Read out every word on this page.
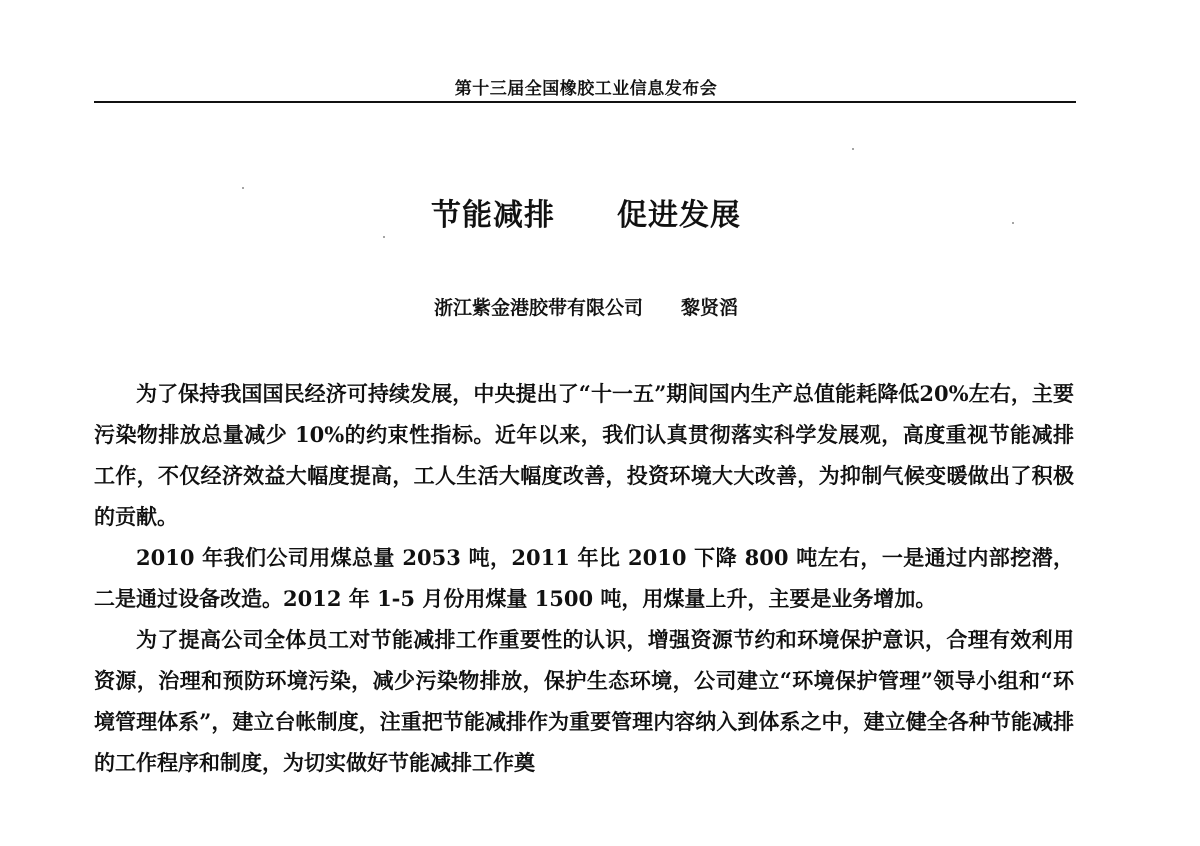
第十三届全国橡胶工业信息发布会
节能减排　　促进发展
浙江紫金港胶带有限公司　　黎贤滔

为了保持我国国民经济可持续发展，中央提出了“十一五”期间国内生产总值能耗降低20%左右，主要污染物排放总量减少 10%的约束性指标。近年以来，我们认真贯彻落实科学发展观，高度重视节能减排工作，不仅经济效益大幅度提高，工人生活大幅度改善，投资环境大大改善，为抑制气候变暖做出了积极的贡献。

2010 年我们公司用煤总量 2053 吨，2011 年比 2010 下降 800 吨左右，一是通过内部挖潜，二是通过设备改造。2012 年 1-5 月份用煤量 1500 吨，用煤量上升，主要是业务增加。

为了提高公司全体员工对节能减排工作重要性的认识，增强资源节约和环境保护意识，合理有效利用资源，治理和预防环境污染，减少污染物排放，保护生态环境，公司建立“环境保护管理”领导小组和“环境管理体系”，建立台帐制度，注重把节能减排作为重要管理内容纳入到体系之中，建立健全各种节能减排的工作程序和制度，为切实做好节能减排工作奠
